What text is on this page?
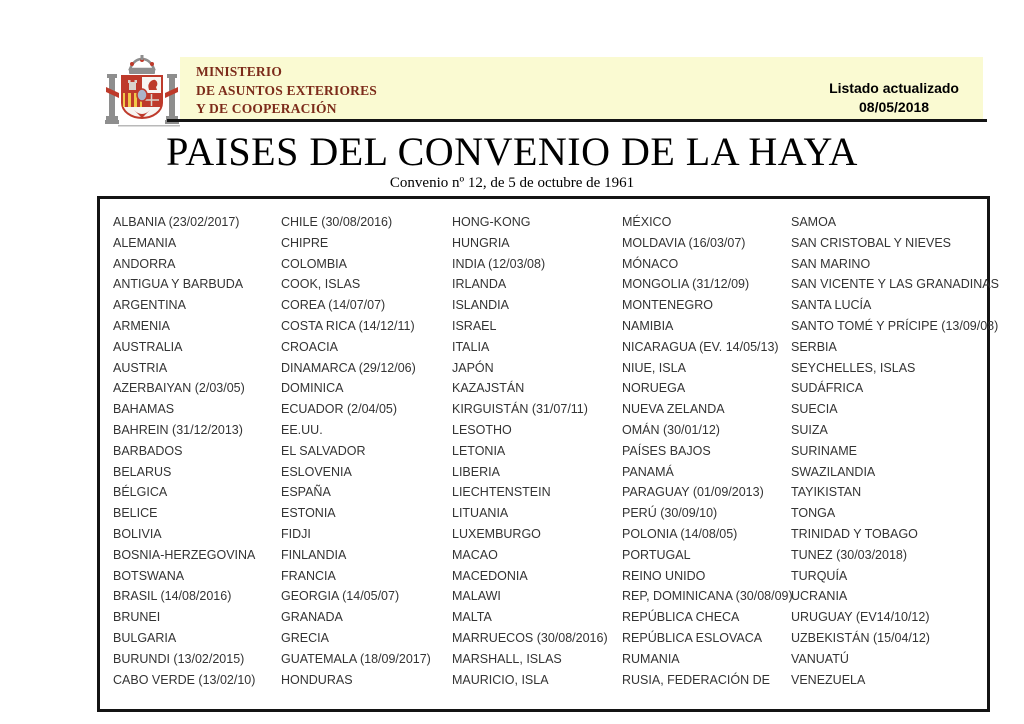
MINISTERIO
DE ASUNTOS EXTERIORES
Y DE COOPERACIÓN
Listado actualizado
08/05/2018
PAISES DEL CONVENIO DE LA HAYA
Convenio nº 12, de 5 de octubre de 1961
ALBANIA (23/02/2017)
ALEMANIA
ANDORRA
ANTIGUA Y BARBUDA
ARGENTINA
ARMENIA
AUSTRALIA
AUSTRIA
AZERBAIYAN (2/03/05)
BAHAMAS
BAHREIN (31/12/2013)
BARBADOS
BELARUS
BÉLGICA
BELICE
BOLIVIA
BOSNIA-HERZEGOVINA
BOTSWANA
BRASIL (14/08/2016)
BRUNEI
BULGARIA
BURUNDI (13/02/2015)
CABO VERDE (13/02/10)
CHILE (30/08/2016)
CHIPRE
COLOMBIA
COOK, ISLAS
COREA (14/07/07)
COSTA RICA (14/12/11)
CROACIA
DINAMARCA (29/12/06)
DOMINICA
ECUADOR (2/04/05)
EE.UU.
EL SALVADOR
ESLOVENIA
ESPAÑA
ESTONIA
FIDJI
FINLANDIA
FRANCIA
GEORGIA (14/05/07)
GRANADA
GRECIA
GUATEMALA (18/09/2017)
HONDURAS
HONG-KONG
HUNGRIA
INDIA (12/03/08)
IRLANDA
ISLANDIA
ISRAEL
ITALIA
JAPÓN
KAZAJSTÁN
KIRGUISTÁN (31/07/11)
LESOTHO
LETONIA
LIBERIA
LIECHTENSTEIN
LITUANIA
LUXEMBURGO
MACAO
MACEDONIA
MALAWI
MALTA
MARRUECOS (30/08/2016)
MARSHALL, ISLAS
MAURICIO, ISLA
MÉXICO
MOLDAVIA (16/03/07)
MÓNACO
MONGOLIA (31/12/09)
MONTENEGRO
NAMIBIA
NICARAGUA (EV. 14/05/13)
NIUE, ISLA
NORUEGA
NUEVA ZELANDA
OMÁN (30/01/12)
PAÍSES BAJOS
PANAMÁ
PARAGUAY (01/09/2013)
PERÚ (30/09/10)
POLONIA (14/08/05)
PORTUGAL
REINO UNIDO
REP, DOMINICANA (30/08/09)
REPÚBLICA CHECA
REPÚBLICA ESLOVACA
RUMANIA
RUSIA, FEDERACIÓN DE
SAMOA
SAN CRISTOBAL Y NIEVES
SAN MARINO
SAN VICENTE Y LAS GRANADINAS
SANTA LUCÍA
SANTO TOMÉ Y PRÍCIPE (13/09/08)
SERBIA
SEYCHELLES, ISLAS
SUDÁFRICA
SUECIA
SUIZA
SURINAME
SWAZILANDIA
TAYIKISTAN
TONGA
TRINIDAD Y TOBAGO
TUNEZ (30/03/2018)
TURQUÍA
UCRANIA
URUGUAY (EV14/10/12)
UZBEKISTÁN (15/04/12)
VANUATÚ
VENEZUELA
